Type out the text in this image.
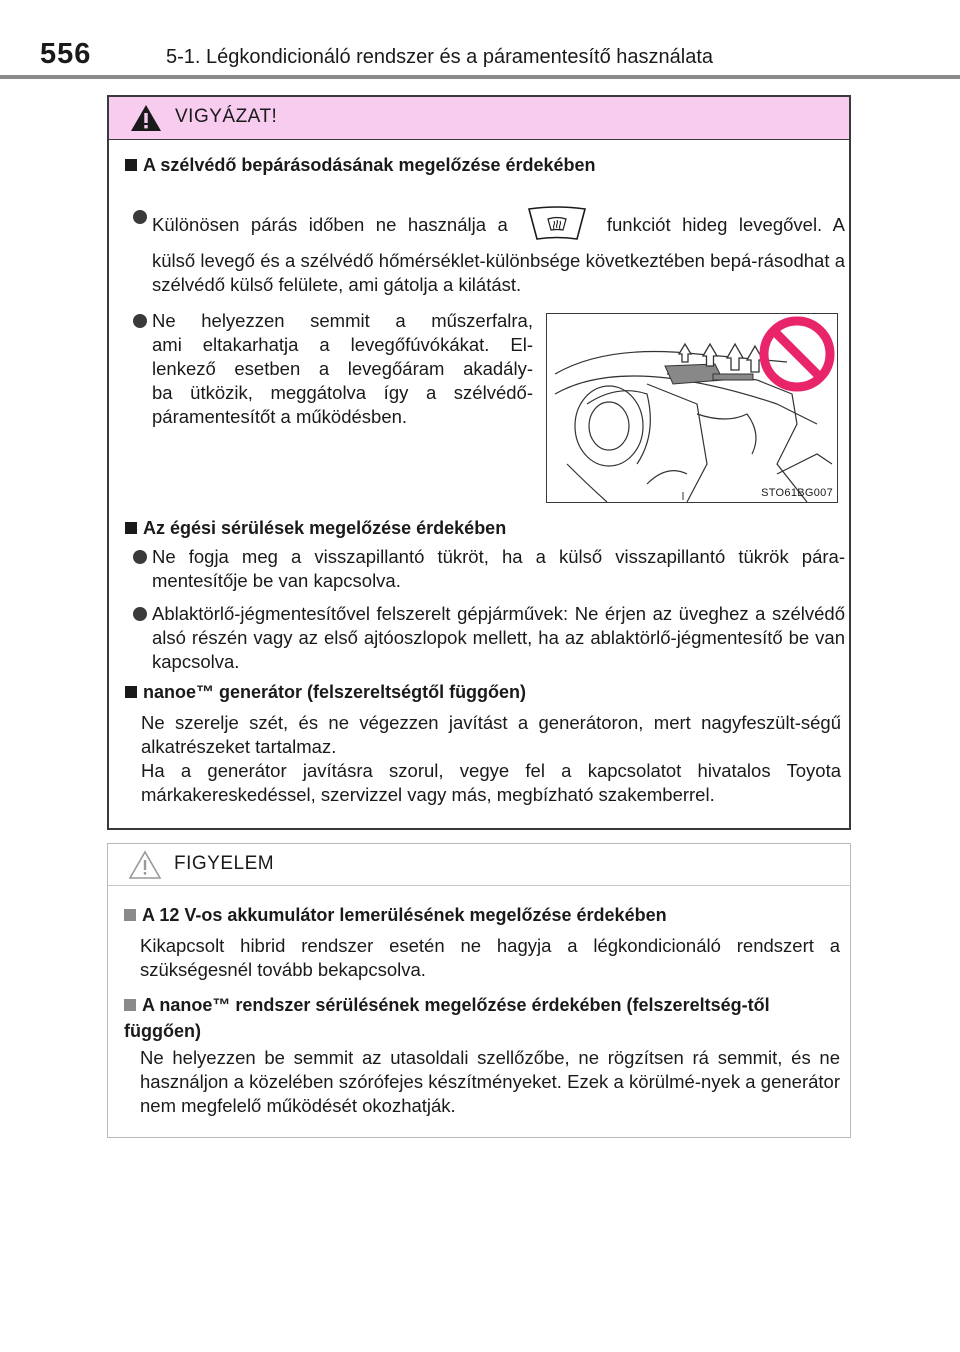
556	5-1. Légkondicionáló rendszer és a páramentesítő használata
VIGYÁZAT!
A szélvédő bepárásodásának megelőzése érdekében
Különösen párás időben ne használja a	funkciót hideg levegővel. A
külső levegő és a szélvédő hőmérséklet-különbsége következtében bepá-rásodhat a szélvédő külső felülete, ami gátolja a kilátást.
Ne helyezzen semmit a műszerfalra,
ami eltakarhatja a levegőfúvókákat. El-
lenkező esetben a levegőáram akadály-
ba ütközik, meggátolva így a szélvédő-
páramentesítőt a működésben.
STO61BG007
Az égési sérülések megelőzése érdekében
Ne fogja meg a visszapillantó tükröt, ha a külső visszapillantó tükrök pára-mentesítője be van kapcsolva.
Ablaktörlő-jégmentesítővel felszerelt gépjárművek: Ne érjen az üveghez a szélvédő alsó részén vagy az első ajtóoszlopok mellett, ha az ablaktörlő-jégmentesítő be van kapcsolva.
nanoe™ generátor (felszereltségtől függően)
Ne szerelje szét, és ne végezzen javítást a generátoron, mert nagyfeszült-ségű alkatrészeket tartalmaz.
Ha a generátor javításra szorul, vegye fel a kapcsolatot hivatalos Toyota márkakereskedéssel, szervizzel vagy más, megbízható szakemberrel.
FIGYELEM
A 12 V-os akkumulátor lemerülésének megelőzése érdekében
Kikapcsolt hibrid rendszer esetén ne hagyja a légkondicionáló rendszert a szükségesnél tovább bekapcsolva.
A nanoe™ rendszer sérülésének megelőzése érdekében (felszereltség-től függően)
Ne helyezzen be semmit az utasoldali szellőzőbe, ne rögzítsen rá semmit, és ne használjon a közelében szórófejes készítményeket. Ezek a körülmé-nyek a generátor nem megfelelő működését okozhatják.
